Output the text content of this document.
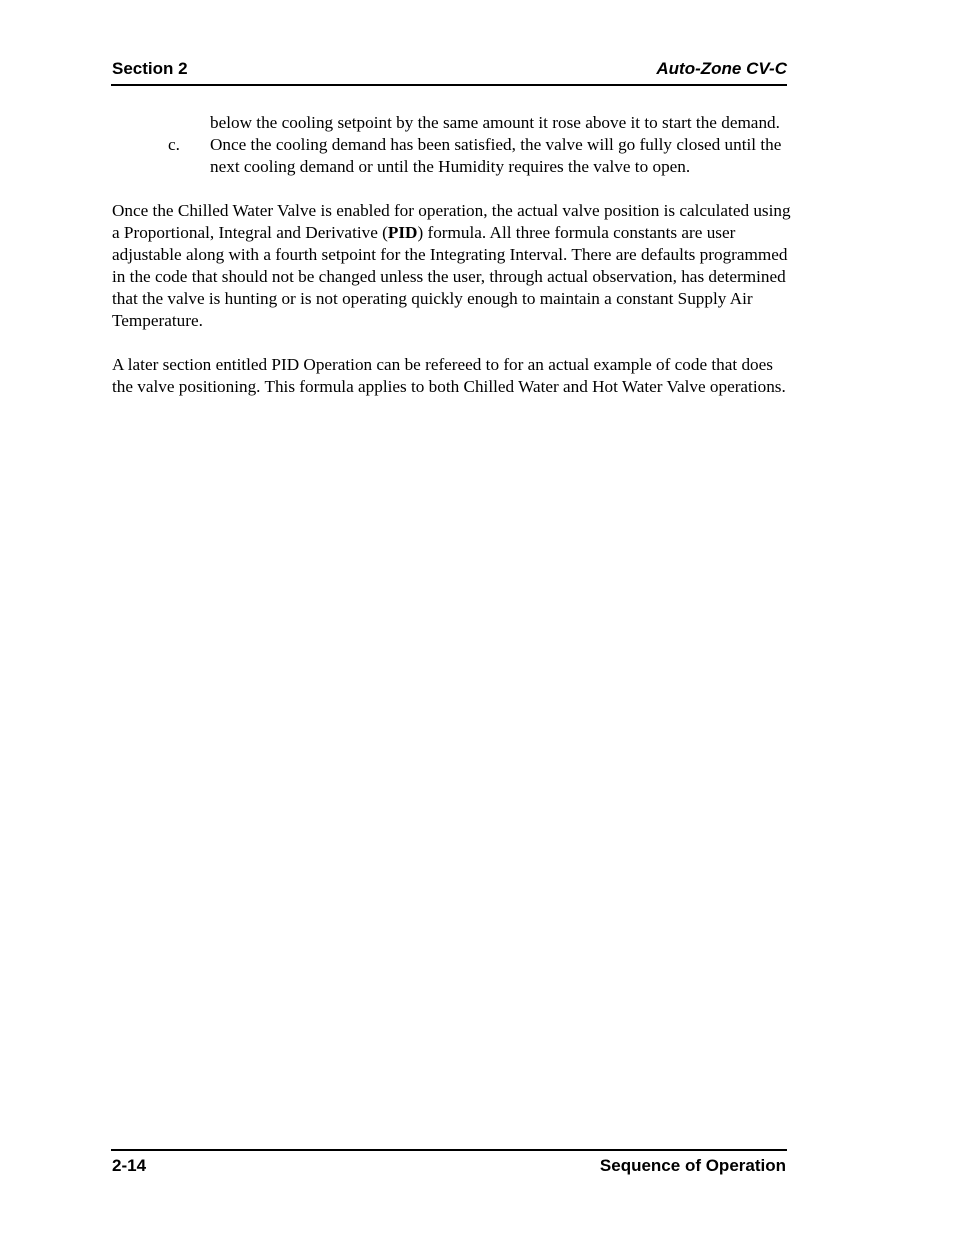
Section 2	Auto-Zone CV-C
below the cooling setpoint by the same amount it rose above it to start the demand.
c.	Once the cooling demand has been satisfied, the valve will go fully closed until the next cooling demand or until the Humidity requires the valve to open.

Once the Chilled Water Valve is enabled for operation, the actual valve position is calculated using a Proportional, Integral and Derivative (PID) formula. All three formula constants are user adjustable along with a fourth setpoint for the Integrating Interval. There are defaults programmed in the code that should not be changed unless the user, through actual observation, has determined that the valve is hunting or is not operating quickly enough to maintain a constant Supply Air Temperature.

A later section entitled PID Operation can be refereed to for an actual example of code that does the valve positioning. This formula applies to both Chilled Water and Hot Water Valve operations.

2-14	Sequence of Operation
